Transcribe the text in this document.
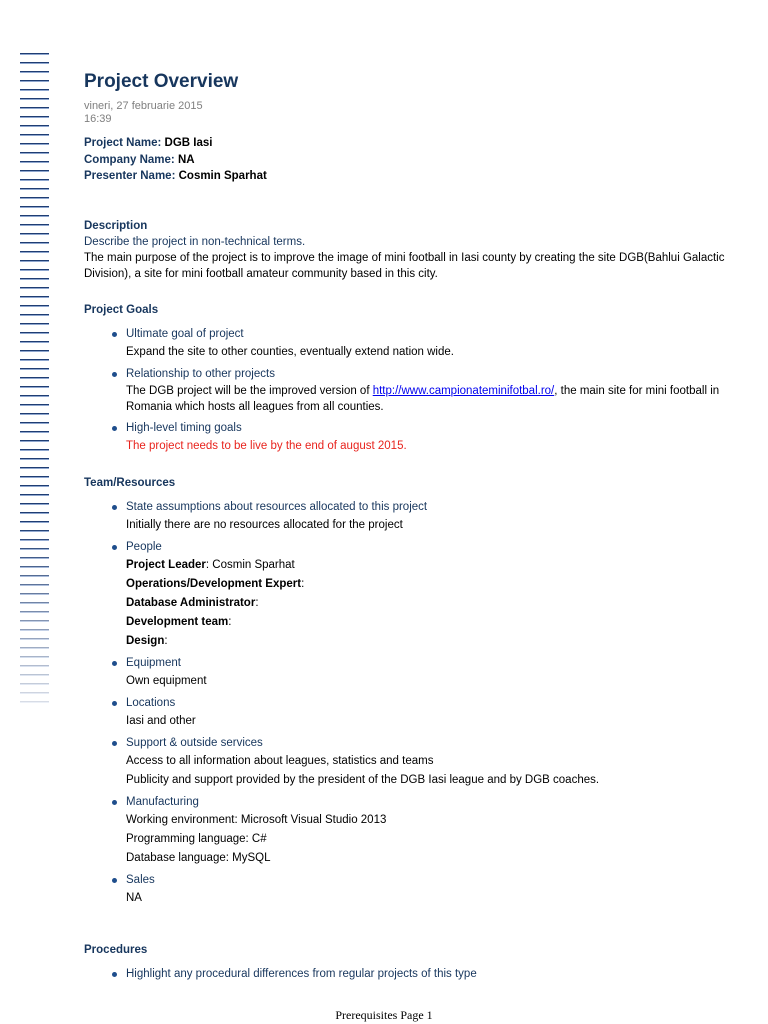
Project Overview
vineri, 27 februarie 2015
16:39
Project Name: DGB Iasi
Company Name: NA
Presenter Name: Cosmin Sparhat
Description
Describe the project in non-technical terms.
The main purpose of the project is to improve the image of mini football in Iasi county by creating the site DGB(Bahlui Galactic Division), a site for mini football amateur community based in this city.
Project Goals
Ultimate goal of project
Expand the site to other counties, eventually extend nation wide.
Relationship to other projects
The DGB project will be the improved version of http://www.campionateminifotbal.ro/, the main site for mini football in Romania which hosts all leagues from all counties.
High-level timing goals
The project needs to be live by the end of august 2015.
Team/Resources
State assumptions about resources allocated to this project
Initially there are no resources allocated for the project
People
Project Leader: Cosmin Sparhat
Operations/Development Expert:
Database Administrator:
Development team:
Design:
Equipment
Own equipment
Locations
Iasi and other
Support & outside services
Access to all information about leagues, statistics and teams
Publicity and support provided by the president of the DGB Iasi league and by DGB coaches.
Manufacturing
Working environment: Microsoft Visual Studio 2013
Programming language: C#
Database language: MySQL
Sales
NA
Procedures
Highlight any procedural differences from regular projects of this type
Prerequisites Page 1
